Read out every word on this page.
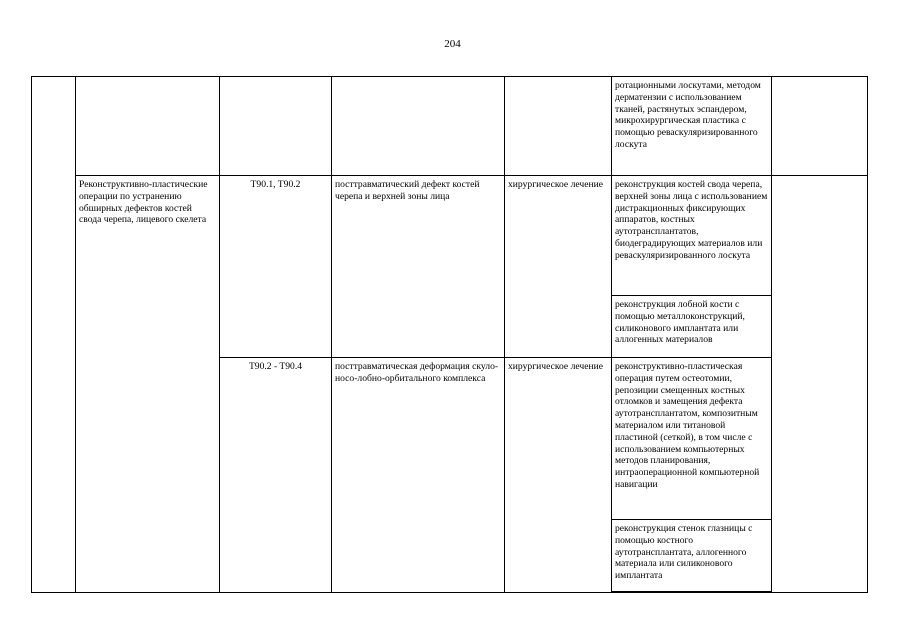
204
					ротационными лоскутами, методом дерматензии с использованием тканей, растянутых эспандером, микрохирургическая пластика с помощью реваскуляризированного лоскута	
	Реконструктивно-пластические операции по устранению обширных дефектов костей свода черепа, лицевого скелета	T90.1, T90.2	посттравматический дефект костей черепа и верхней зоны лица	хирургическое лечение	реконструкция костей свода черепа, верхней зоны лица с использованием дистракционных фиксирующих аппаратов, костных аутотрансплантатов, биодеградирующих материалов или реваскуляризированного лоскута	
					реконструкция лобной кости с помощью металлоконструкций, силиконового имплантата или аллогенных материалов	
		T90.2 - T90.4	посттравматическая деформация скуло-носо-лобно-орбитального комплекса	хирургическое лечение	реконструктивно-пластическая операция путем остеотомии, репозиции смещенных костных отломков и замещения дефекта аутотрансплантатом, композитным материалом или титановой пластиной (сеткой), в том числе с использованием компьютерных методов планирования, интраоперационной компьютерной навигации	
					реконструкция стенок глазницы с помощью костного аутотрансплантата, аллогенного материала или силиконового имплантата	
